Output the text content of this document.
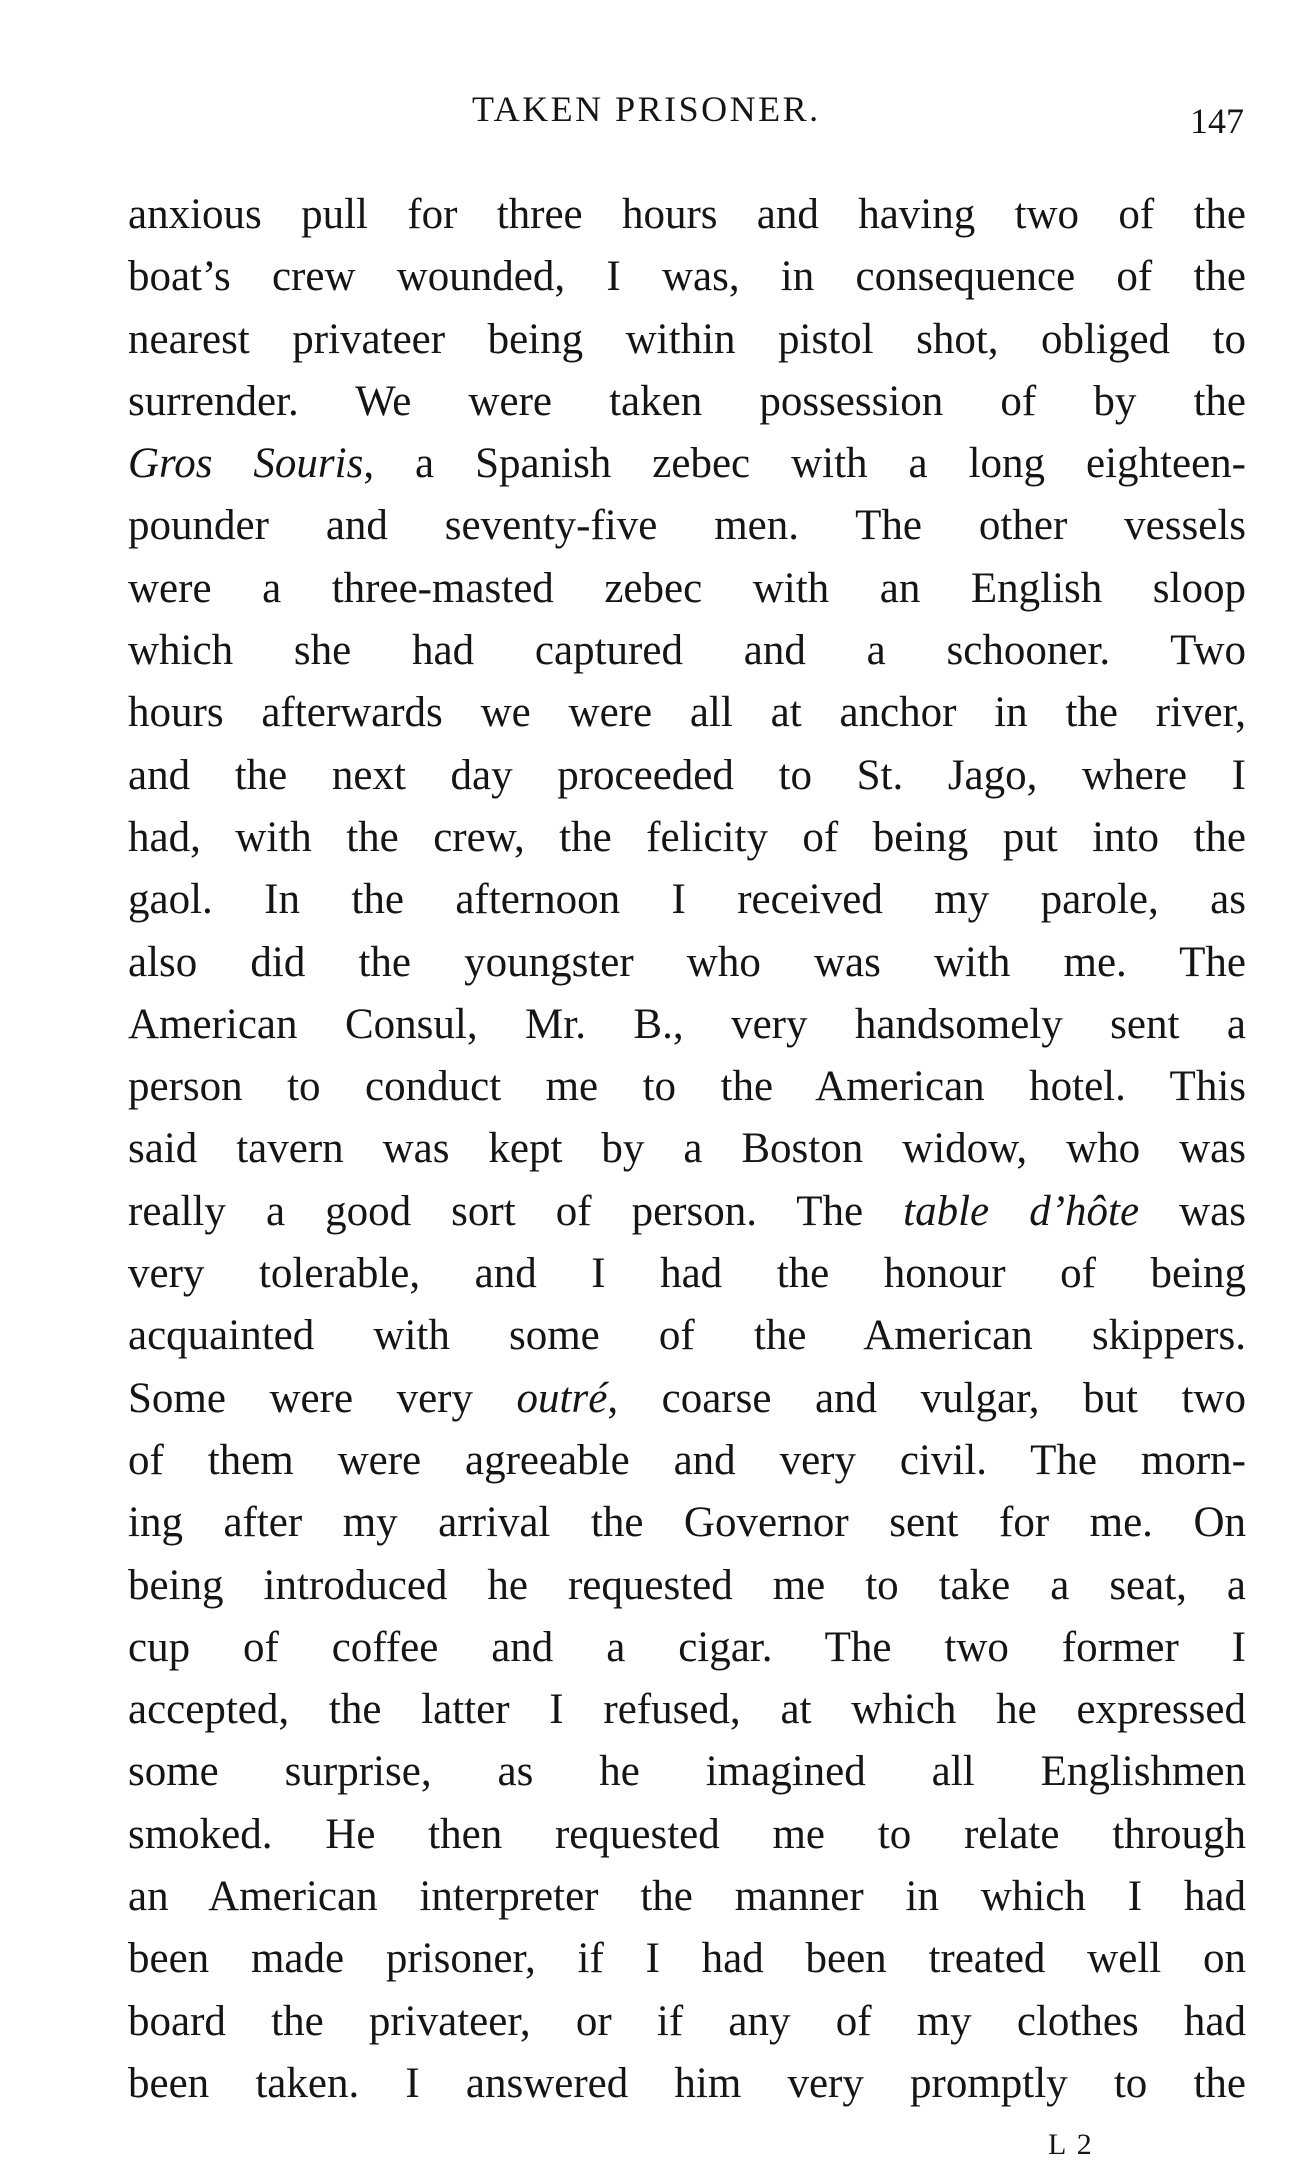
TAKEN PRISONER.	147
anxious pull for three hours and having two of the
boat’s crew wounded, I was, in consequence of the
nearest privateer being within pistol shot, obliged to
surrender. We were taken possession of by the
Gros Souris, a Spanish zebec with a long eighteen-
pounder and seventy-five men. The other vessels
were a three-masted zebec with an English sloop
which she had captured and a schooner. Two
hours afterwards we were all at anchor in the river,
and the next day proceeded to St. Jago, where I
had, with the crew, the felicity of being put into the
gaol. In the afternoon I received my parole, as
also did the youngster who was with me. The
American Consul, Mr. B., very handsomely sent a
person to conduct me to the American hotel. This
said tavern was kept by a Boston widow, who was
really a good sort of person. The table d’hôte was
very tolerable, and I had the honour of being
acquainted with some of the American skippers.
Some were very outré, coarse and vulgar, but two
of them were agreeable and very civil. The morn-
ing after my arrival the Governor sent for me. On
being introduced he requested me to take a seat, a
cup of coffee and a cigar. The two former I
accepted, the latter I refused, at which he expressed
some surprise, as he imagined all Englishmen
smoked. He then requested me to relate through
an American interpreter the manner in which I had
been made prisoner, if I had been treated well on
board the privateer, or if any of my clothes had
been taken. I answered him very promptly to the
L 2
